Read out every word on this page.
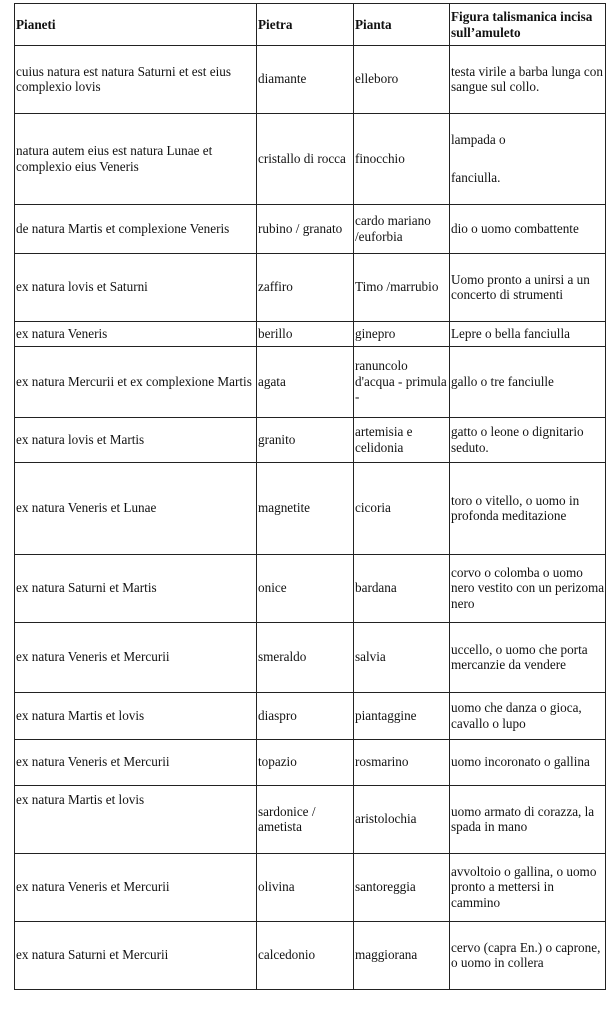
Pianeti	Pietra	Pianta	Figura talismanica incisa sull’amuleto
cuius natura est natura Saturni et est eius complexio lovis	diamante	elleboro	testa virile a barba lunga con sangue sul collo.
natura autem eius est natura Lunae et complexio eius Veneris	cristallo di rocca	finocchio	lampada o
fanciulla.

de natura Martis et complexione Veneris	rubino / granato	cardo mariano /euforbia	dio o uomo combattente
ex natura lovis et Saturni	zaffiro	Timo /marrubio	Uomo pronto a unirsi a un concerto di strumenti
ex natura Veneris	berillo	ginepro	Lepre o bella fanciulla
ex natura Mercurii et ex complexione Martis	agata	ranuncolo d'acqua - primula -	gallo o tre fanciulle
ex natura lovis et Martis	granito	artemisia e celidonia	gatto o leone o dignitario seduto.
ex natura Veneris et Lunae	magnetite	cicoria	toro o vitello, o uomo in profonda meditazione
ex natura Saturni et Martis	onice	bardana	corvo o colomba o uomo nero vestito con un perizoma nero
ex natura Veneris et Mercurii	smeraldo	salvia	uccello, o uomo che porta mercanzie da vendere
ex natura Martis et lovis	diaspro	piantaggine	uomo che danza o gioca, cavallo o lupo
ex natura Veneris et Mercurii	topazio	rosmarino	uomo incoronato o gallina
ex natura Martis et lovis	sardonice / ametista	aristolochia	uomo armato di corazza, la spada in mano
ex natura Veneris et Mercurii	olivina	santoreggia	avvoltoio o gallina, o uomo pronto a mettersi in cammino
ex natura Saturni et Mercurii	calcedonio	maggiorana	cervo (capra En.) o caprone, o uomo in collera
